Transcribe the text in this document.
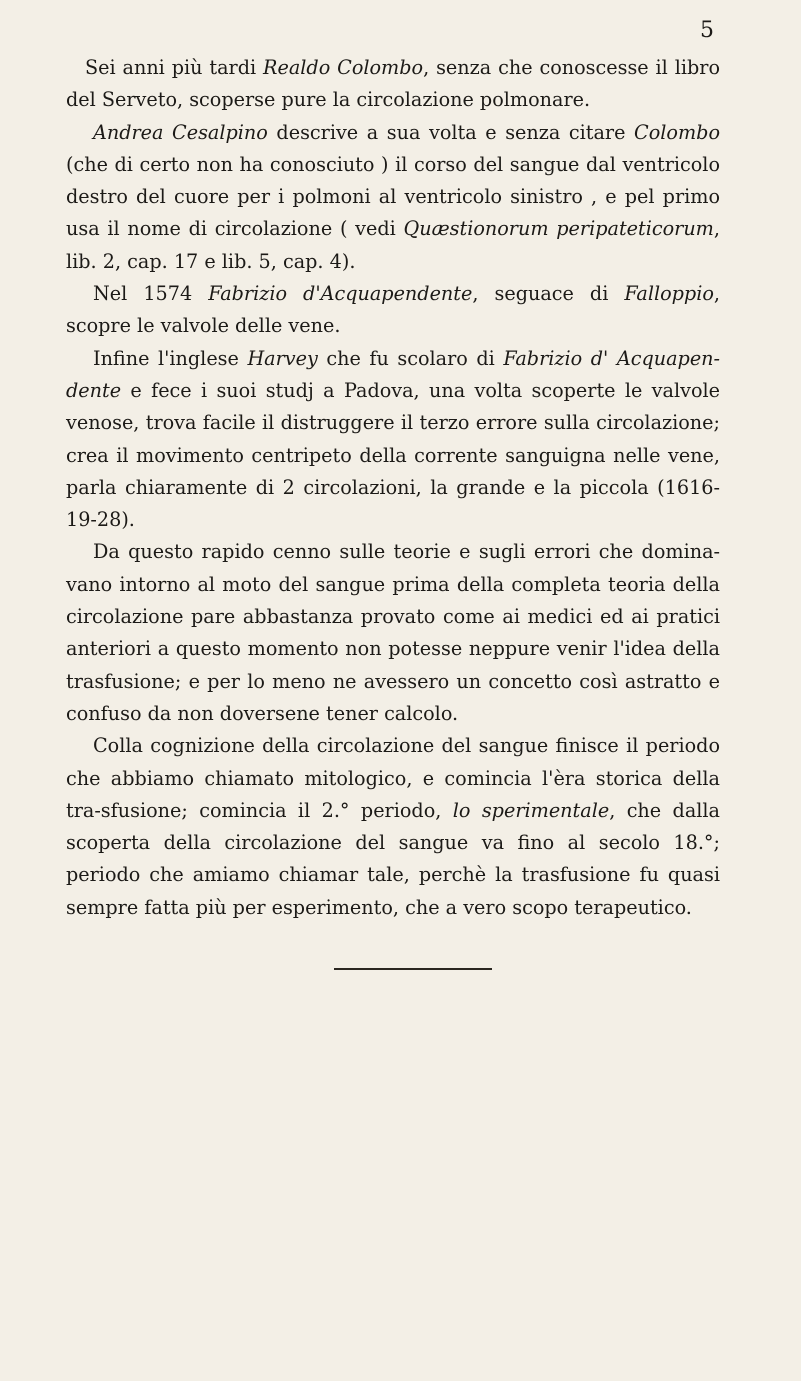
5

Sei anni più tardi Realdo Colombo, senza che conoscesse il libro del Serveto, scoperse pure la circolazione polmonare.

Andrea Cesalpino descrive a sua volta e senza citare Colombo (che di certo non ha conosciuto ) il corso del sangue dal ventricolo destro del cuore per i polmoni al ventricolo sinistro , e pel primo usa il nome di circolazione ( vedi Quæstionorum peripateticorum, lib. 2, cap. 17 e lib. 5, cap. 4).

Nel 1574 Fabrizio d'Acquapendente, seguace di Falloppio, scopre le valvole delle vene.

Infine l'inglese Harvey che fu scolaro di Fabrizio d' Acquapen-dente e fece i suoi studj a Padova, una volta scoperte le valvole venose, trova facile il distruggere il terzo errore sulla circolazione; crea il movimento centripeto della corrente sanguigna nelle vene, parla chiaramente di 2 circolazioni, la grande e la piccola (1616-19-28).

Da questo rapido cenno sulle teorie e sugli errori che domina-vano intorno al moto del sangue prima della completa teoria della circolazione pare abbastanza provato come ai medici ed ai pratici anteriori a questo momento non potesse neppure venir l'idea della trasfusione; e per lo meno ne avessero un concetto così astratto e confuso da non doversene tener calcolo.

Colla cognizione della circolazione del sangue finisce il periodo che abbiamo chiamato mitologico, e comincia l'èra storica della tra-sfusione; comincia il 2.° periodo, lo sperimentale, che dalla scoperta della circolazione del sangue va fino al secolo 18.°; periodo che amiamo chiamar tale, perchè la trasfusione fu quasi sempre fatta più per esperimento, che a vero scopo terapeutico.
